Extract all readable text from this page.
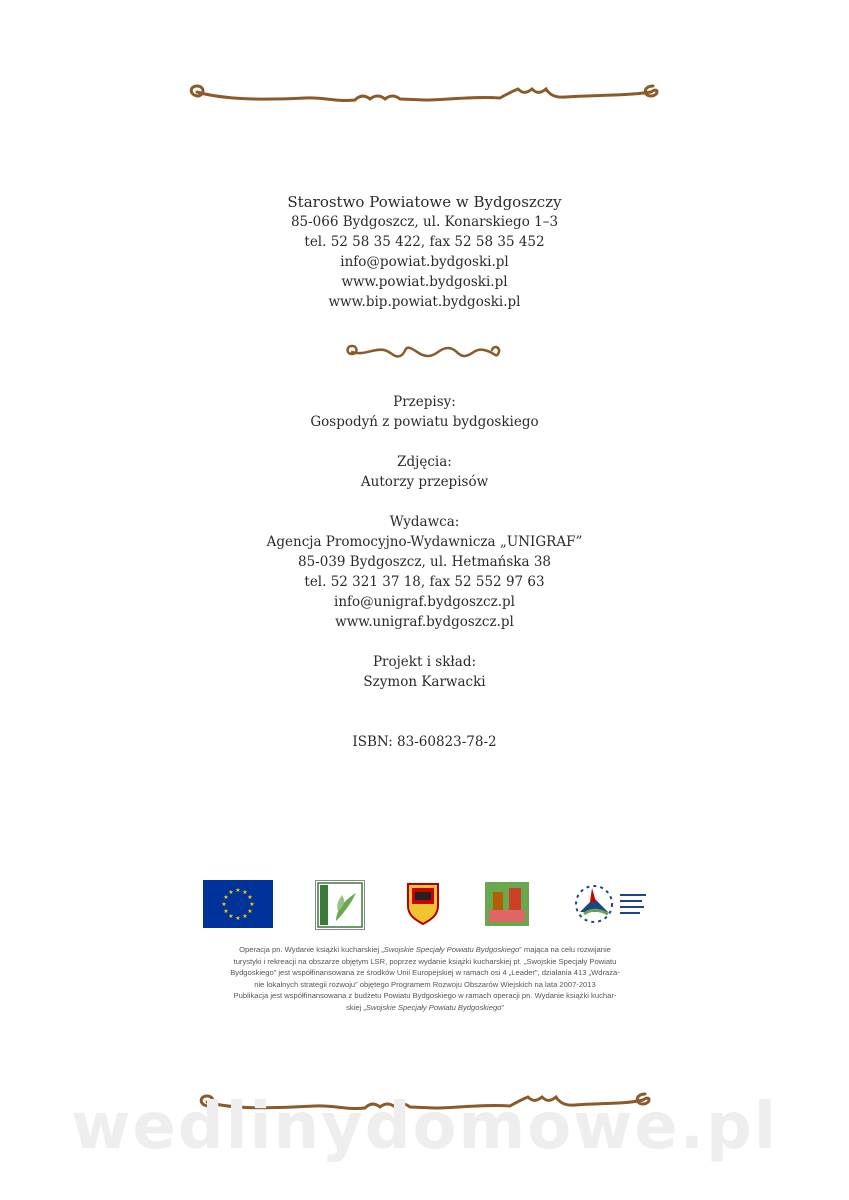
Starostwo Powiatowe w Bydgoszczy
85-066 Bydgoszcz, ul. Konarskiego 1–3
tel. 52 58 35 422, fax 52 58 35 452
info@powiat.bydgoski.pl
www.powiat.bydgoski.pl
www.bip.powiat.bydgoski.pl
Przepisy:
Gospodyń z powiatu bydgoskiego
Zdjęcia:
Autorzy przepisów
Wydawca:
Agencja Promocyjno-Wydawnicza „UNIGRAF”
85-039 Bydgoszcz, ul. Hetmańska 38
tel. 52 321 37 18, fax 52 552 97 63
info@unigraf.bydgoszcz.pl
www.unigraf.bydgoszcz.pl
Projekt i skład:
Szymon Karwacki
ISBN: 83-60823-78-2
★ ★
★
★
★
★
★
★
★
★
★
★
Operacja pn. Wydanie książki kucharskiej „Swojskie Specjały Powiatu Bydgoskiego” mająca na celu rozwijanie
turystyki i rekreacji na obszarze objętym LSR, poprzez wydanie książki kucharskiej pt. „Swojskie Specjały Powiatu
Bydgoskiego” jest współfinansowana ze środków Unii Europejskiej w ramach osi 4 „Leader”, działania 413 „Wdraża-
nie lokalnych strategii rozwoju” objętego Programem Rozwoju Obszarów Wiejskich na lata 2007-2013
Publikacja jest współfinansowana z budżetu Powiatu Bydgoskiego w ramach operacji pn. Wydanie książki kuchar-
skiej „Swojskie Specjały Powiatu Bydgoskiego”
wedlinydomowe.pl
